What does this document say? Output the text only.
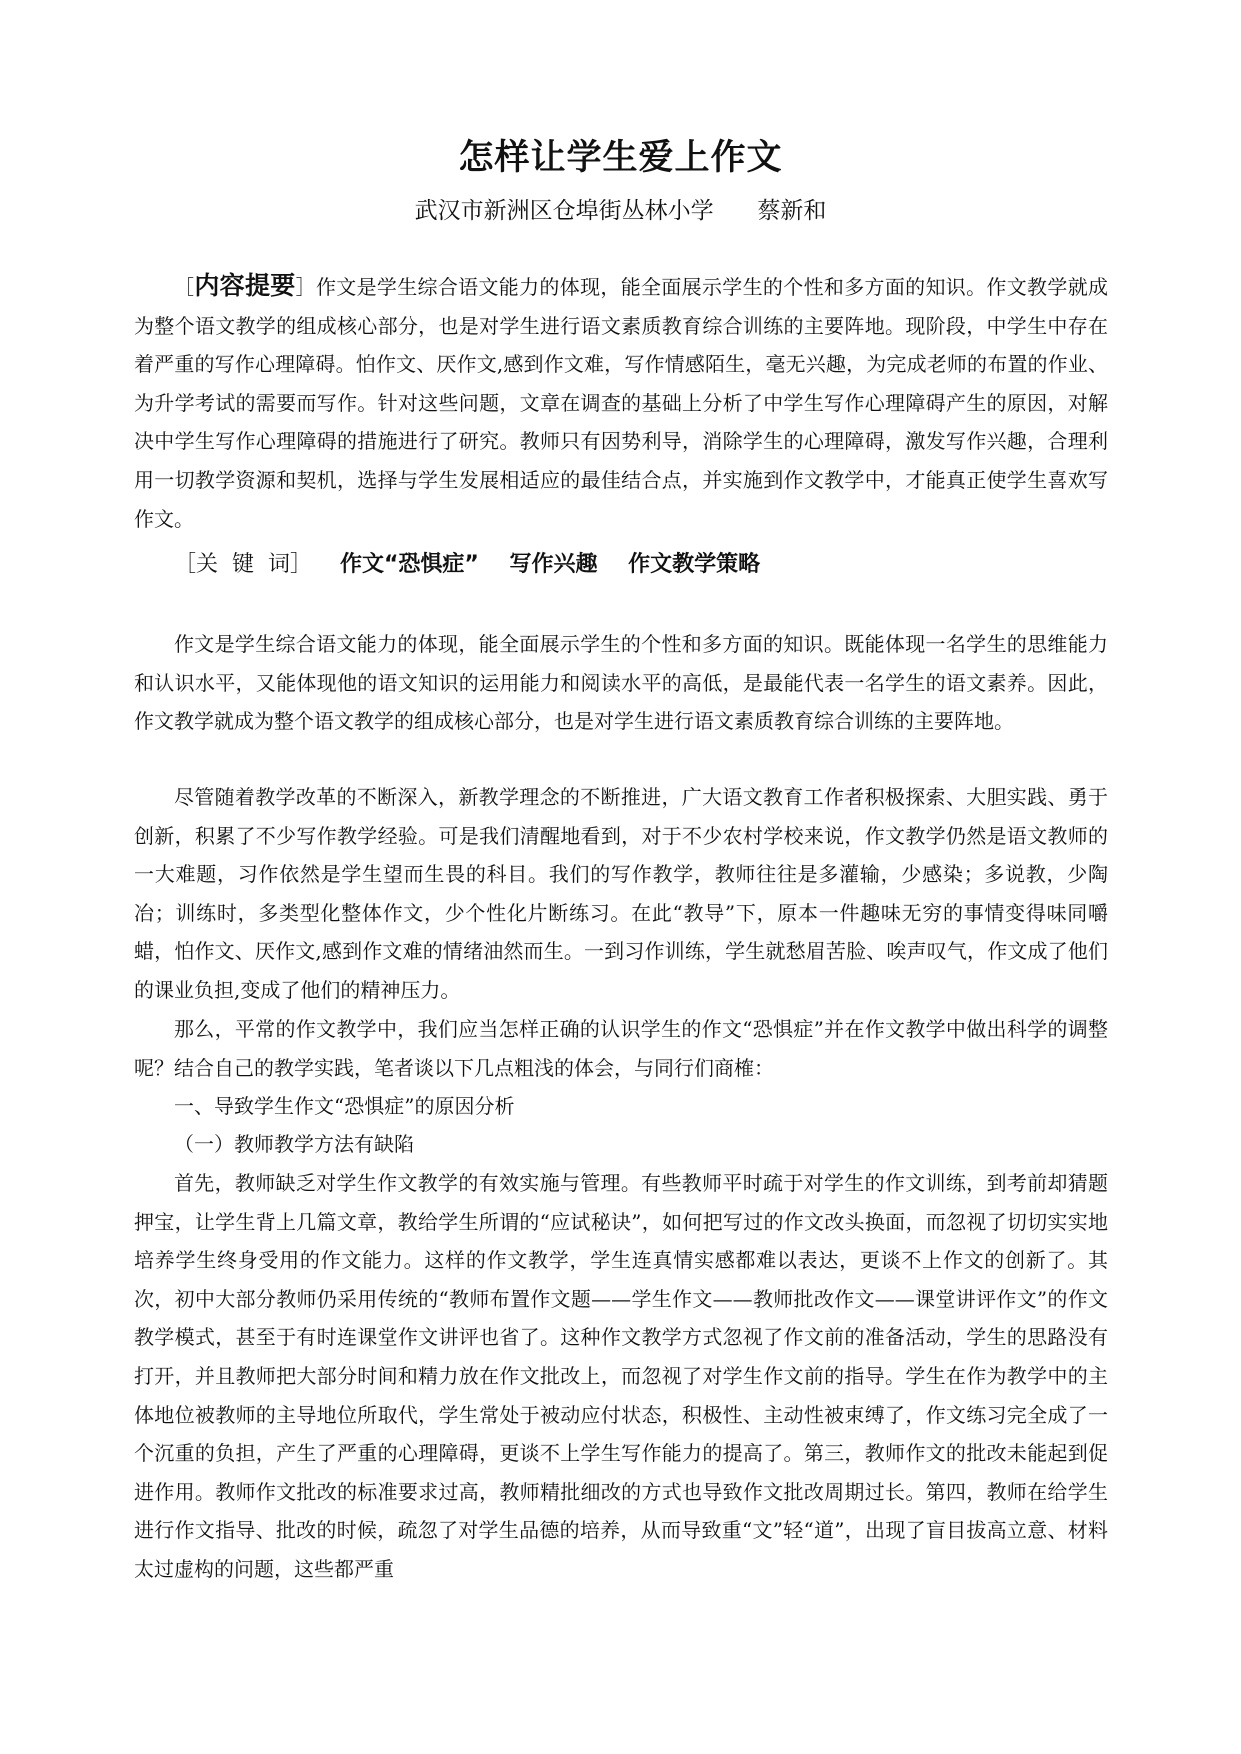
怎样让学生爱上作文
武汉市新洲区仓埠街丛林小学      蔡新和

［内容提要］作文是学生综合语文能力的体现，能全面展示学生的个性和多方面的知识。作文教学就成为整个语文教学的组成核心部分，也是对学生进行语文素质教育综合训练的主要阵地。现阶段，中学生中存在着严重的写作心理障碍。怕作文、厌作文,感到作文难，写作情感陌生，毫无兴趣，为完成老师的布置的作业、为升学考试的需要而写作。针对这些问题，文章在调查的基础上分析了中学生写作心理障碍产生的原因，对解决中学生写作心理障碍的措施进行了研究。教师只有因势利导，消除学生的心理障碍，激发写作兴趣，合理利用一切教学资源和契机，选择与学生发展相适应的最佳结合点，并实施到作文教学中，才能真正使学生喜欢写作文。

［关  键  词］ 作文“恐惧症”    写作兴趣    作文教学策略

作文是学生综合语文能力的体现，能全面展示学生的个性和多方面的知识。既能体现一名学生的思维能力和认识水平，又能体现他的语文知识的运用能力和阅读水平的高低，是最能代表一名学生的语文素养。因此，作文教学就成为整个语文教学的组成核心部分，也是对学生进行语文素质教育综合训练的主要阵地。

尽管随着教学改革的不断深入，新教学理念的不断推进，广大语文教育工作者积极探索、大胆实践、勇于创新，积累了不少写作教学经验。可是我们清醒地看到，对于不少农村学校来说，作文教学仍然是语文教师的一大难题，习作依然是学生望而生畏的科目。我们的写作教学，教师往往是多灌输，少感染；多说教，少陶冶；训练时，多类型化整体作文，少个性化片断练习。在此“教导”下，原本一件趣味无穷的事情变得味同嚼蜡，怕作文、厌作文,感到作文难的情绪油然而生。一到习作训练，学生就愁眉苦脸、唉声叹气，作文成了他们的课业负担,变成了他们的精神压力。

那么，平常的作文教学中，我们应当怎样正确的认识学生的作文“恐惧症”并在作文教学中做出科学的调整呢？结合自己的教学实践，笔者谈以下几点粗浅的体会，与同行们商榷：

一、导致学生作文“恐惧症”的原因分析

（一）教师教学方法有缺陷

首先，教师缺乏对学生作文教学的有效实施与管理。有些教师平时疏于对学生的作文训练，到考前却猜题押宝，让学生背上几篇文章，教给学生所谓的“应试秘诀”，如何把写过的作文改头换面，而忽视了切切实实地培养学生终身受用的作文能力。这样的作文教学，学生连真情实感都难以表达，更谈不上作文的创新了。其次，初中大部分教师仍采用传统的“教师布置作文题——学生作文——教师批改作文——课堂讲评作文”的作文教学模式，甚至于有时连课堂作文讲评也省了。这种作文教学方式忽视了作文前的准备活动，学生的思路没有打开，并且教师把大部分时间和精力放在作文批改上，而忽视了对学生作文前的指导。学生在作为教学中的主体地位被教师的主导地位所取代，学生常处于被动应付状态，积极性、主动性被束缚了，作文练习完全成了一个沉重的负担，产生了严重的心理障碍，更谈不上学生写作能力的提高了。第三，教师作文的批改未能起到促进作用。教师作文批改的标准要求过高，教师精批细改的方式也导致作文批改周期过长。第四，教师在给学生进行作文指导、批改的时候，疏忽了对学生品德的培养，从而导致重“文”轻“道”，出现了盲目拔高立意、材料太过虚构的问题，这些都严重
